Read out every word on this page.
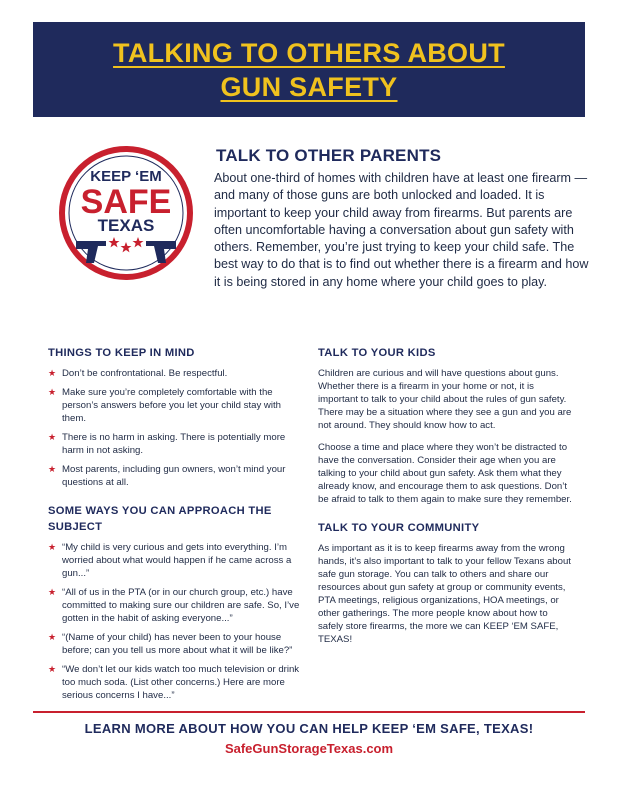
TALKING TO OTHERS ABOUT
GUN SAFETY
KEEP ‘EM
SAFE
TEXAS
TALK TO OTHER PARENTS

About one-third of homes with children have at least one firearm — and many of those guns are both unlocked and loaded. It is important to keep your child away from firearms. But parents are often uncomfortable having a conversation about gun safety with others. Remember, you’re just trying to keep your child safe. The best way to do that is to find out whether there is a firearm and how it is being stored in any home where your child goes to play.

THINGS TO KEEP IN MIND
★ Don’t be confrontational. Be respectful.
★ Make sure you’re completely comfortable with the person’s answers before you let your child stay with them.
★ There is no harm in asking. There is potentially more harm in not asking.
★ Most parents, including gun owners, won’t mind your questions at all.
SOME WAYS YOU CAN APPROACH THE SUBJECT
★ “My child is very curious and gets into everything. I’m worried about what would happen if he came across a gun...”
★ “All of us in the PTA (or in our church group, etc.) have committed to making sure our children are safe. So, I’ve gotten in the habit of asking everyone...”
★ “(Name of your child) has never been to your house before; can you tell us more about what it will be like?”
★ “We don’t let our kids watch too much television or drink too much soda. (List other concerns.) Here are more serious concerns I have...”
TALK TO YOUR KIDS

Children are curious and will have questions about guns. Whether there is a firearm in your home or not, it is important to talk to your child about the rules of gun safety. There may be a situation where they see a gun and you are not around. They should know how to act.

Choose a time and place where they won’t be distracted to have the conversation. Consider their age when you are talking to your child about gun safety. Ask them what they already know, and encourage them to ask questions. Don’t be afraid to talk to them again to make sure they remember.

TALK TO YOUR COMMUNITY

As important as it is to keep firearms away from the wrong hands, it’s also important to talk to your fellow Texans about safe gun storage. You can talk to others and share our resources about gun safety at group or community events, PTA meetings, religious organizations, HOA meetings, or other gatherings. The more people know about how to safely store firearms, the more we can KEEP ‘EM SAFE, TEXAS!

LEARN MORE ABOUT HOW YOU CAN HELP KEEP ‘EM SAFE, TEXAS!
SafeGunStorageTexas.com
